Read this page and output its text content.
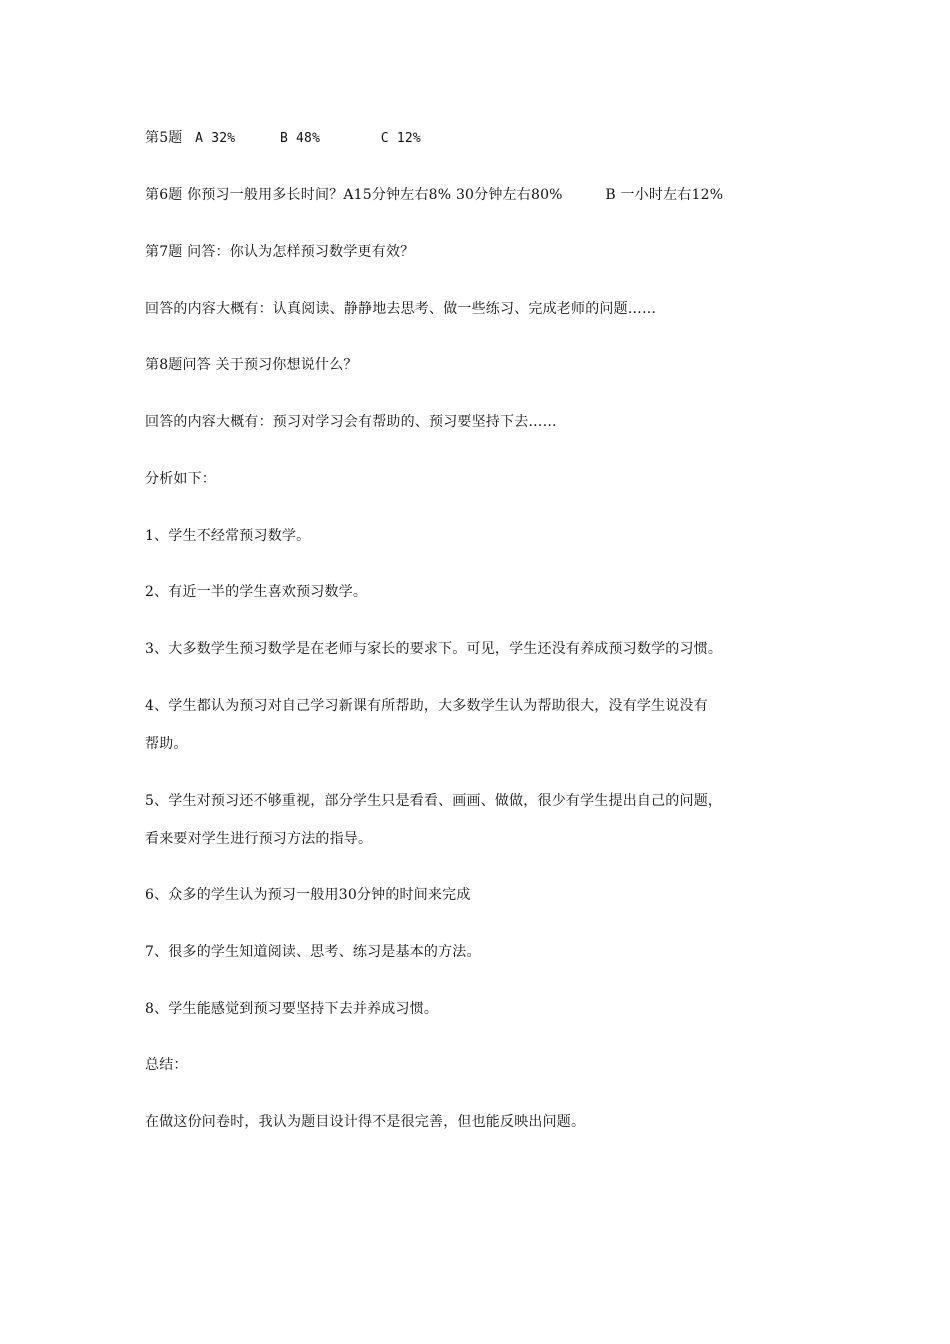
第5题 A 32%	B 48%	C 12%
第6题 你预习一般用多长时间？A15分钟左右8% 30分钟左右80%	B 一小时左右12%
第7题 问答：你认为怎样预习数学更有效？
回答的内容大概有：认真阅读、静静地去思考、做一些练习、完成老师的问题……
第8题问答 关于预习你想说什么？
回答的内容大概有：预习对学习会有帮助的、预习要坚持下去……
分析如下：
1、学生不经常预习数学。
2、有近一半的学生喜欢预习数学。
3、大多数学生预习数学是在老师与家长的要求下。可见，学生还没有养成预习数学的习惯。
4、学生都认为预习对自己学习新课有所帮助，大多数学生认为帮助很大，没有学生说没有
帮助。
5、学生对预习还不够重视，部分学生只是看看、画画、做做，很少有学生提出自己的问题，
看来要对学生进行预习方法的指导。
6、众多的学生认为预习一般用30分钟的时间来完成
7、很多的学生知道阅读、思考、练习是基本的方法。
8、学生能感觉到预习要坚持下去并养成习惯。
总结：
在做这份问卷时，我认为题目设计得不是很完善，但也能反映出问题。
